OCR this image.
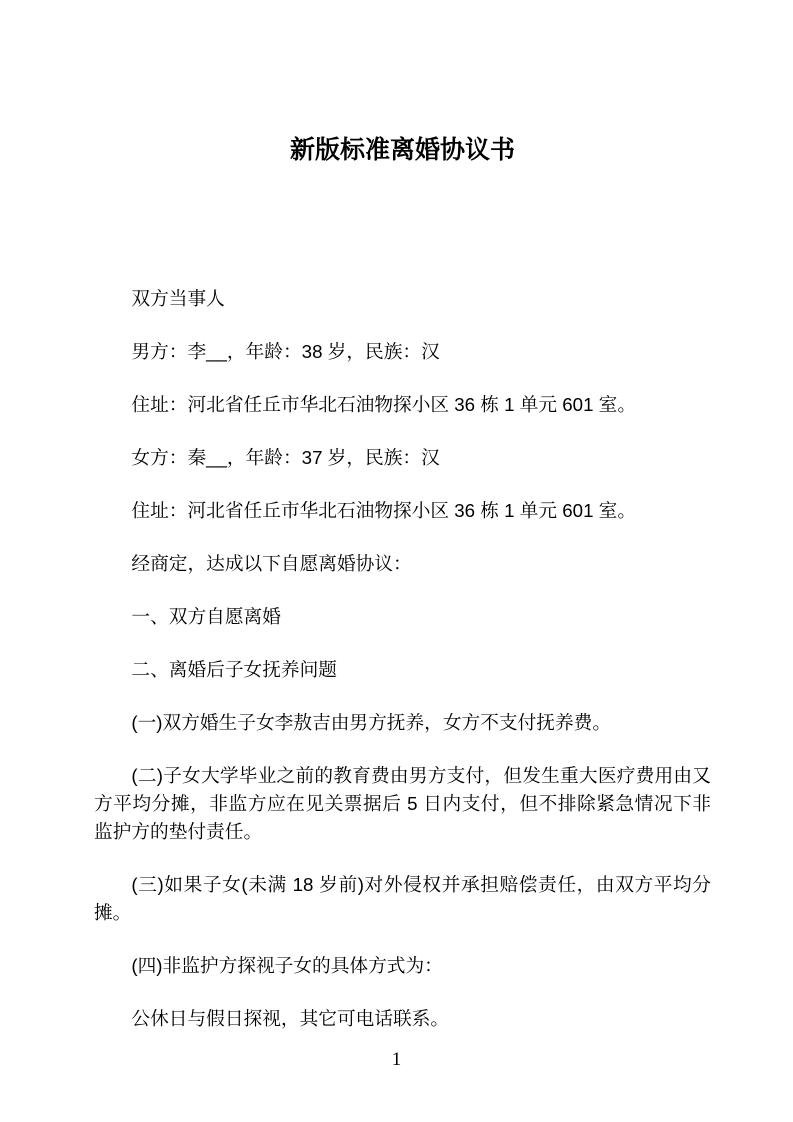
新版标准离婚协议书

双方当事人

男方：李__，年龄：38 岁，民族：汉

住址：河北省任丘市华北石油物探小区 36 栋 1 单元 601 室。

女方：秦__，年龄：37 岁，民族：汉

住址：河北省任丘市华北石油物探小区 36 栋 1 单元 601 室。

经商定，达成以下自愿离婚协议：

一、双方自愿离婚

二、离婚后子女抚养问题

(一)双方婚生子女李敖吉由男方抚养，女方不支付抚养费。

(二)子女大学毕业之前的教育费由男方支付，但发生重大医疗费用由又方平均分摊，非监方应在见关票据后 5 日内支付，但不排除紧急情况下非监护方的垫付责任。

(三)如果子女(未满 18 岁前)对外侵权并承担赔偿责任，由双方平均分摊。

(四)非监护方探视子女的具体方式为：

公休日与假日探视，其它可电话联系。

1
